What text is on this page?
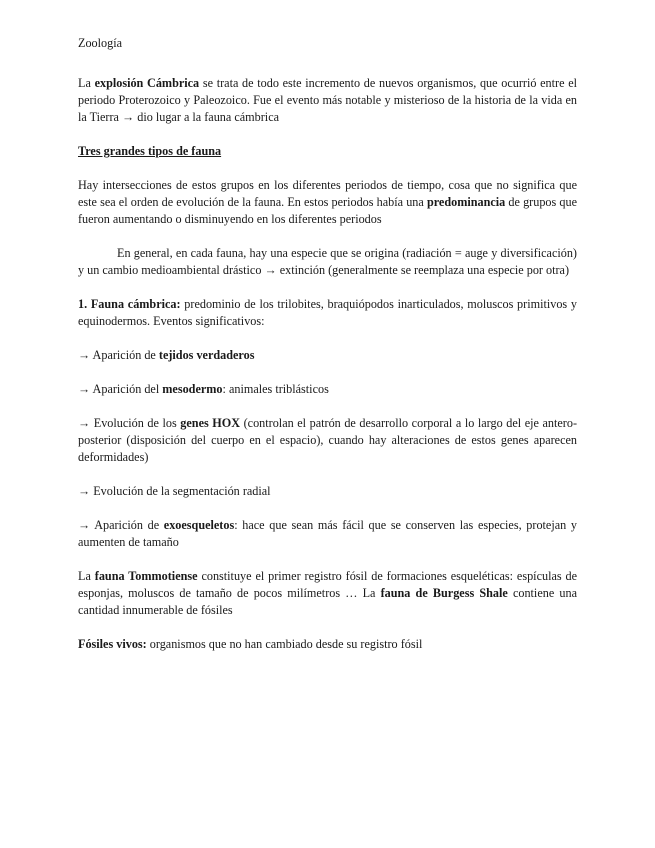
Zoología

La explosión Cámbrica se trata de todo este incremento de nuevos organismos, que ocurrió entre el periodo Proterozoico y Paleozoico. Fue el evento más notable y misterioso de la historia de la vida en la Tierra → dio lugar a la fauna cámbrica

Tres grandes tipos de fauna

Hay intersecciones de estos grupos en los diferentes periodos de tiempo, cosa que no significa que este sea el orden de evolución de la fauna. En estos periodos había una predominancia de grupos que fueron aumentando o disminuyendo en los diferentes periodos

En general, en cada fauna, hay una especie que se origina (radiación = auge y diversificación) y un cambio medioambiental drástico → extinción (generalmente se reemplaza una especie por otra)

1. Fauna cámbrica: predominio de los trilobites, braquiópodos inarticulados, moluscos primitivos y equinodermos. Eventos significativos:

→ Aparición de tejidos verdaderos

→ Aparición del mesodermo: animales triblásticos

→ Evolución de los genes HOX (controlan el patrón de desarrollo corporal a lo largo del eje antero-posterior (disposición del cuerpo en el espacio), cuando hay alteraciones de estos genes aparecen deformidades)

→ Evolución de la segmentación radial

→ Aparición de exoesqueletos: hace que sean más fácil que se conserven las especies, protejan y aumenten de tamaño

La fauna Tommotiense constituye el primer registro fósil de formaciones esqueléticas: espículas de esponjas, moluscos de tamaño de pocos milímetros … La fauna de Burgess Shale contiene una cantidad innumerable de fósiles

Fósiles vivos: organismos que no han cambiado desde su registro fósil
